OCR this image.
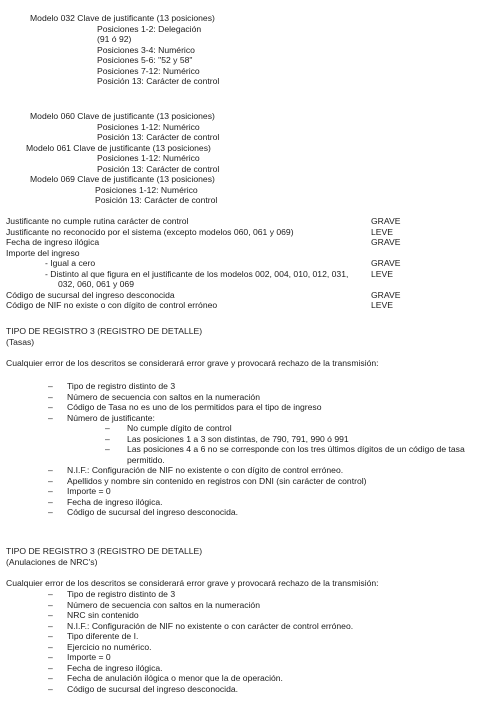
Modelo 032 Clave de justificante (13 posiciones)
Posiciones 1-2: Delegación
(91 ó 92)
Posiciones 3-4: Numérico
Posiciones 5-6: "52 y 58"
Posiciones 7-12: Numérico
Posición 13: Carácter de control
Modelo 060 Clave de justificante (13 posiciones)
Posiciones 1-12: Numérico
Posición 13: Carácter de control
Modelo 061 Clave de justificante (13 posiciones)
Posiciones 1-12: Numérico
Posición 13: Carácter de control
Modelo 069 Clave de justificante (13 posiciones)
Posiciones 1-12: Numérico
Posición 13: Carácter de control
Justificante no cumple rutina carácter de control	GRAVE
Justificante no reconocido por el sistema (excepto modelos 060, 061 y 069)	LEVE
Fecha de ingreso ilógica	GRAVE
Importe del ingreso
- Igual a cero	GRAVE
- Distinto al que figura en el justificante de los modelos 002, 004, 010, 012, 031,	LEVE
032, 060, 061 y 069
Código de sucursal del ingreso desconocida	GRAVE
Código de NIF no existe o con dígito de control erróneo	LEVE
TIPO DE REGISTRO 3 (REGISTRO DE DETALLE)
(Tasas)
Cualquier error de los descritos se considerará error grave y provocará rechazo de la transmisión:
– Tipo de registro distinto de 3
– Número de secuencia con saltos en la numeración
– Código de Tasa no es uno de los permitidos para el tipo de ingreso
– Número de justificante:
– No cumple dígito de control
– Las posiciones 1 a 3 son distintas, de 790, 791, 990 ó 991
– Las posiciones 4 a 6 no se corresponde con los tres últimos dígitos de un código de tasa
permitido.
– N.I.F.: Configuración de NIF no existente o con dígito de control erróneo.
– Apellidos y nombre sin contenido en registros con DNI (sin carácter de control)
– Importe = 0
– Fecha de ingreso ilógica.
– Código de sucursal del ingreso desconocida.
TIPO DE REGISTRO 3 (REGISTRO DE DETALLE)
(Anulaciones de NRC's)
Cualquier error de los descritos se considerará error grave y provocará rechazo de la transmisión:
– Tipo de registro distinto de 3
– Número de secuencia con saltos en la numeración
– NRC sin contenido
– N.I.F.: Configuración de NIF no existente o con carácter de control erróneo.
– Tipo diferente de I.
– Ejercicio no numérico.
– Importe = 0
– Fecha de ingreso ilógica.
– Fecha de anulación ilógica o menor que la de operación.
– Código de sucursal del ingreso desconocida.
